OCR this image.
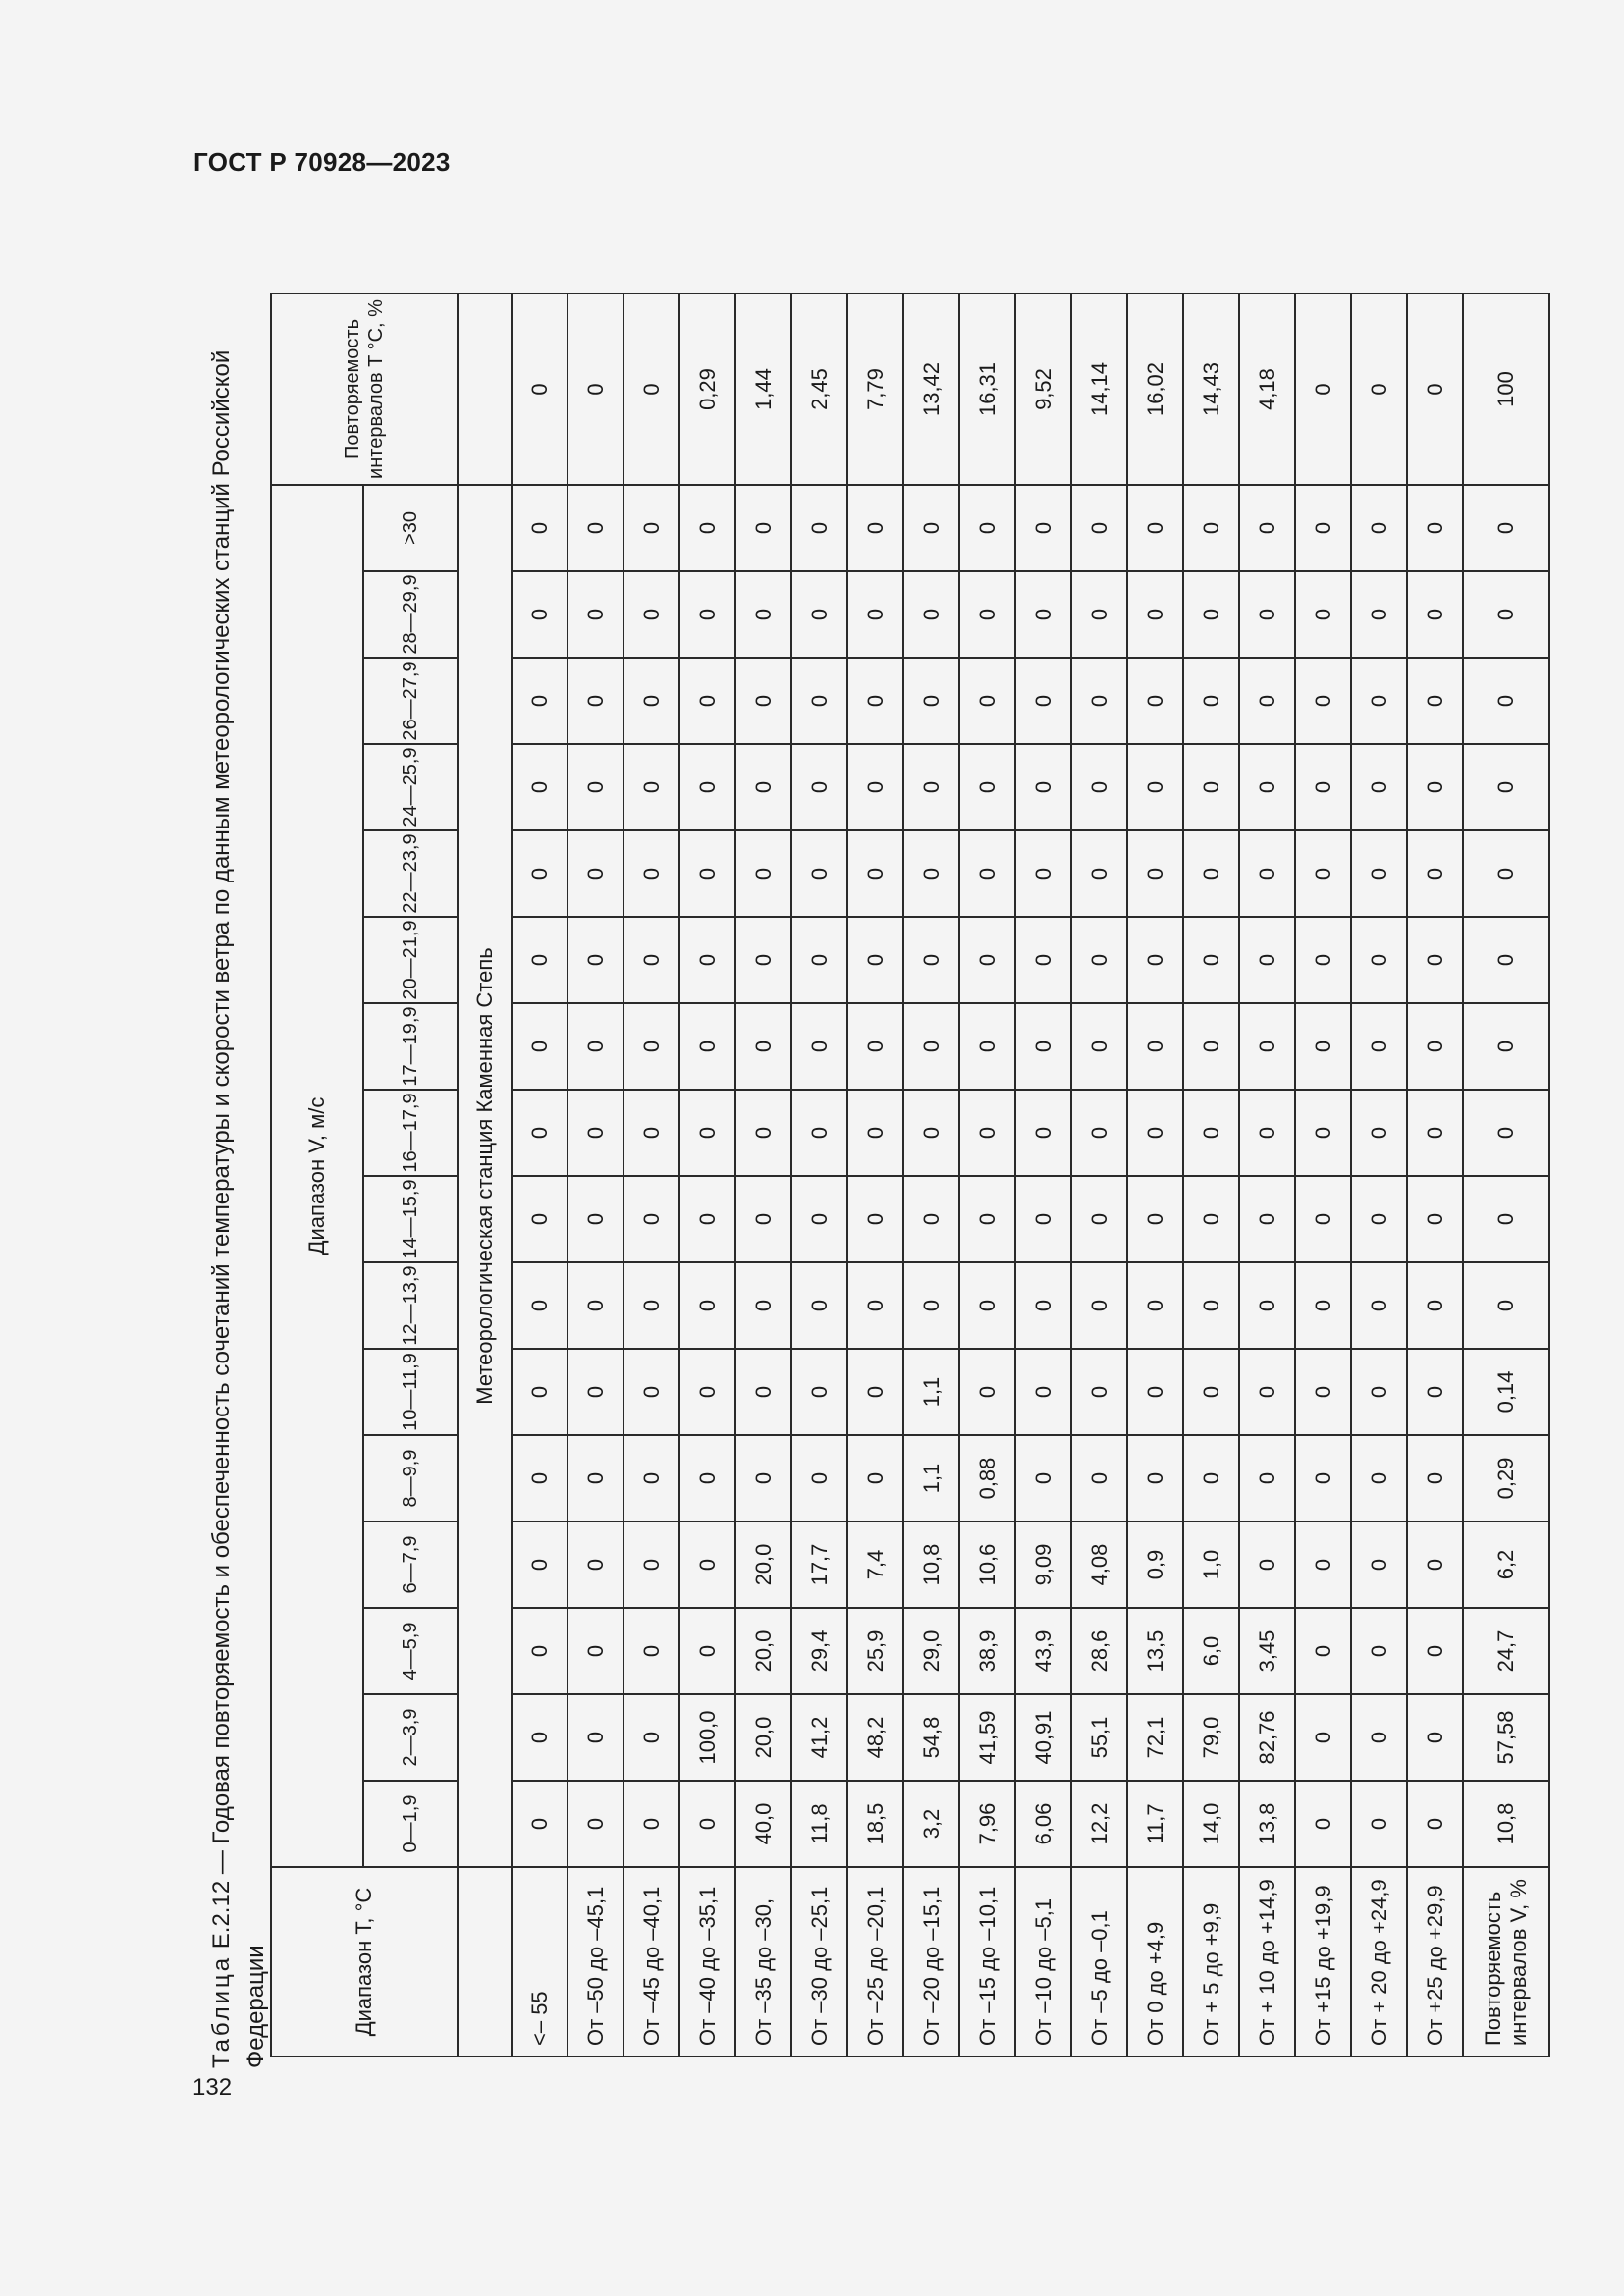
ГОСТ Р 70928—2023
132
Таблица Е.2.12 — Годовая повторяемость и обеспеченность сочетаний температуры и скорости ветра по данным метеорологических станций Российской Федерации	Диапазон T, °С	Диапазон V, м/с																Повторяемость интервалов T °С, %
	0—1,9	2—3,9	4—5,9	6—7,9	8—9,9	10—11,9	12—13,9	14—15,9	16—17,9	17—19,9	20—21,9	22—23,9	24—25,9	26—27,9	28—29,9	>30	
	Метеорологическая станция Каменная Степь																
<– 55	0	0	0	0	0	0	0	0	0	0	0	0	0	0	0	0	0
От –50 до –45,1	0	0	0	0	0	0	0	0	0	0	0	0	0	0	0	0	0
От –45 до –40,1	0	0	0	0	0	0	0	0	0	0	0	0	0	0	0	0	0
От –40 до –35,1	0	100,0	0	0	0	0	0	0	0	0	0	0	0	0	0	0	0,29
От –35 до –30,	40,0	20,0	20,0	20,0	0	0	0	0	0	0	0	0	0	0	0	0	1,44
От –30 до –25,1	11,8	41,2	29,4	17,7	0	0	0	0	0	0	0	0	0	0	0	0	2,45
От –25 до –20,1	18,5	48,2	25,9	7,4	0	0	0	0	0	0	0	0	0	0	0	0	7,79
От –20 до –15,1	3,2	54,8	29,0	10,8	1,1	1,1	0	0	0	0	0	0	0	0	0	0	13,42
От –15 до –10,1	7,96	41,59	38,9	10,6	0,88	0	0	0	0	0	0	0	0	0	0	0	16,31
От –10 до –5,1	6,06	40,91	43,9	9,09	0	0	0	0	0	0	0	0	0	0	0	0	9,52
От –5 до –0,1	12,2	55,1	28,6	4,08	0	0	0	0	0	0	0	0	0	0	0	0	14,14
От 0 до +4,9	11,7	72,1	13,5	0,9	0	0	0	0	0	0	0	0	0	0	0	0	16,02
От + 5 до +9,9	14,0	79,0	6,0	1,0	0	0	0	0	0	0	0	0	0	0	0	0	14,43
От + 10 до +14,9	13,8	82,76	3,45	0	0	0	0	0	0	0	0	0	0	0	0	0	4,18
От +15 до +19,9	0	0	0	0	0	0	0	0	0	0	0	0	0	0	0	0	0
От + 20 до +24,9	0	0	0	0	0	0	0	0	0	0	0	0	0	0	0	0	0
От +25 до +29,9	0	0	0	0	0	0	0	0	0	0	0	0	0	0	0	0	0
Повторяемость интервалов V, %	10,8	57,58	24,7	6,2	0,29	0,14	0	0	0	0	0	0	0	0	0	0	100
